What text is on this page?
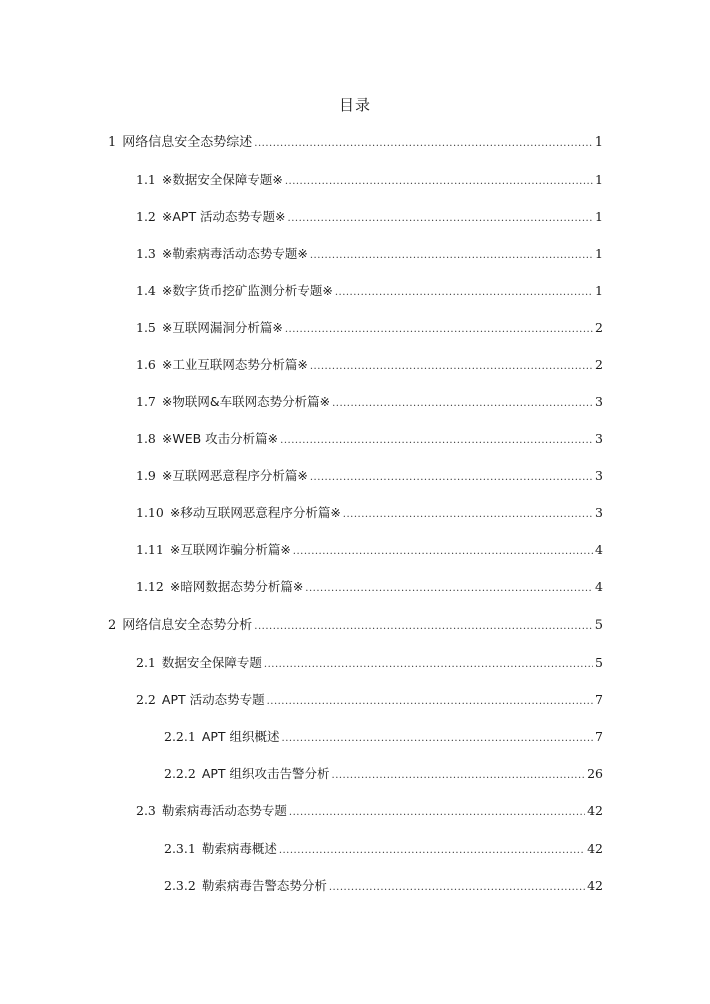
目录
1 网络信息安全态势综述 .....	1
1.1 ※数据安全保障专题※ .....	1
1.2 ※APT 活动态势专题※ .....	1
1.3 ※勒索病毒活动态势专题※ .....	1
1.4 ※数字货币挖矿监测分析专题※ .....	1
1.5 ※互联网漏洞分析篇※ .....	2
1.6 ※工业互联网态势分析篇※ .....	2
1.7 ※物联网&车联网态势分析篇※ .....	3
1.8 ※WEB 攻击分析篇※ .....	3
1.9 ※互联网恶意程序分析篇※ .....	3
1.10 ※移动互联网恶意程序分析篇※ .....	3
1.11 ※互联网诈骗分析篇※ .....	4
1.12 ※暗网数据态势分析篇※ .....	4
2 网络信息安全态势分析 .....	5
2.1 数据安全保障专题 .....	5
2.2 APT 活动态势专题 .....	7
2.2.1 APT 组织概述 .....	7
2.2.2 APT 组织攻击告警分析 .....	26
2.3 勒索病毒活动态势专题 .....	42
2.3.1 勒索病毒概述 .....	42
2.3.2 勒索病毒告警态势分析 .....	42
